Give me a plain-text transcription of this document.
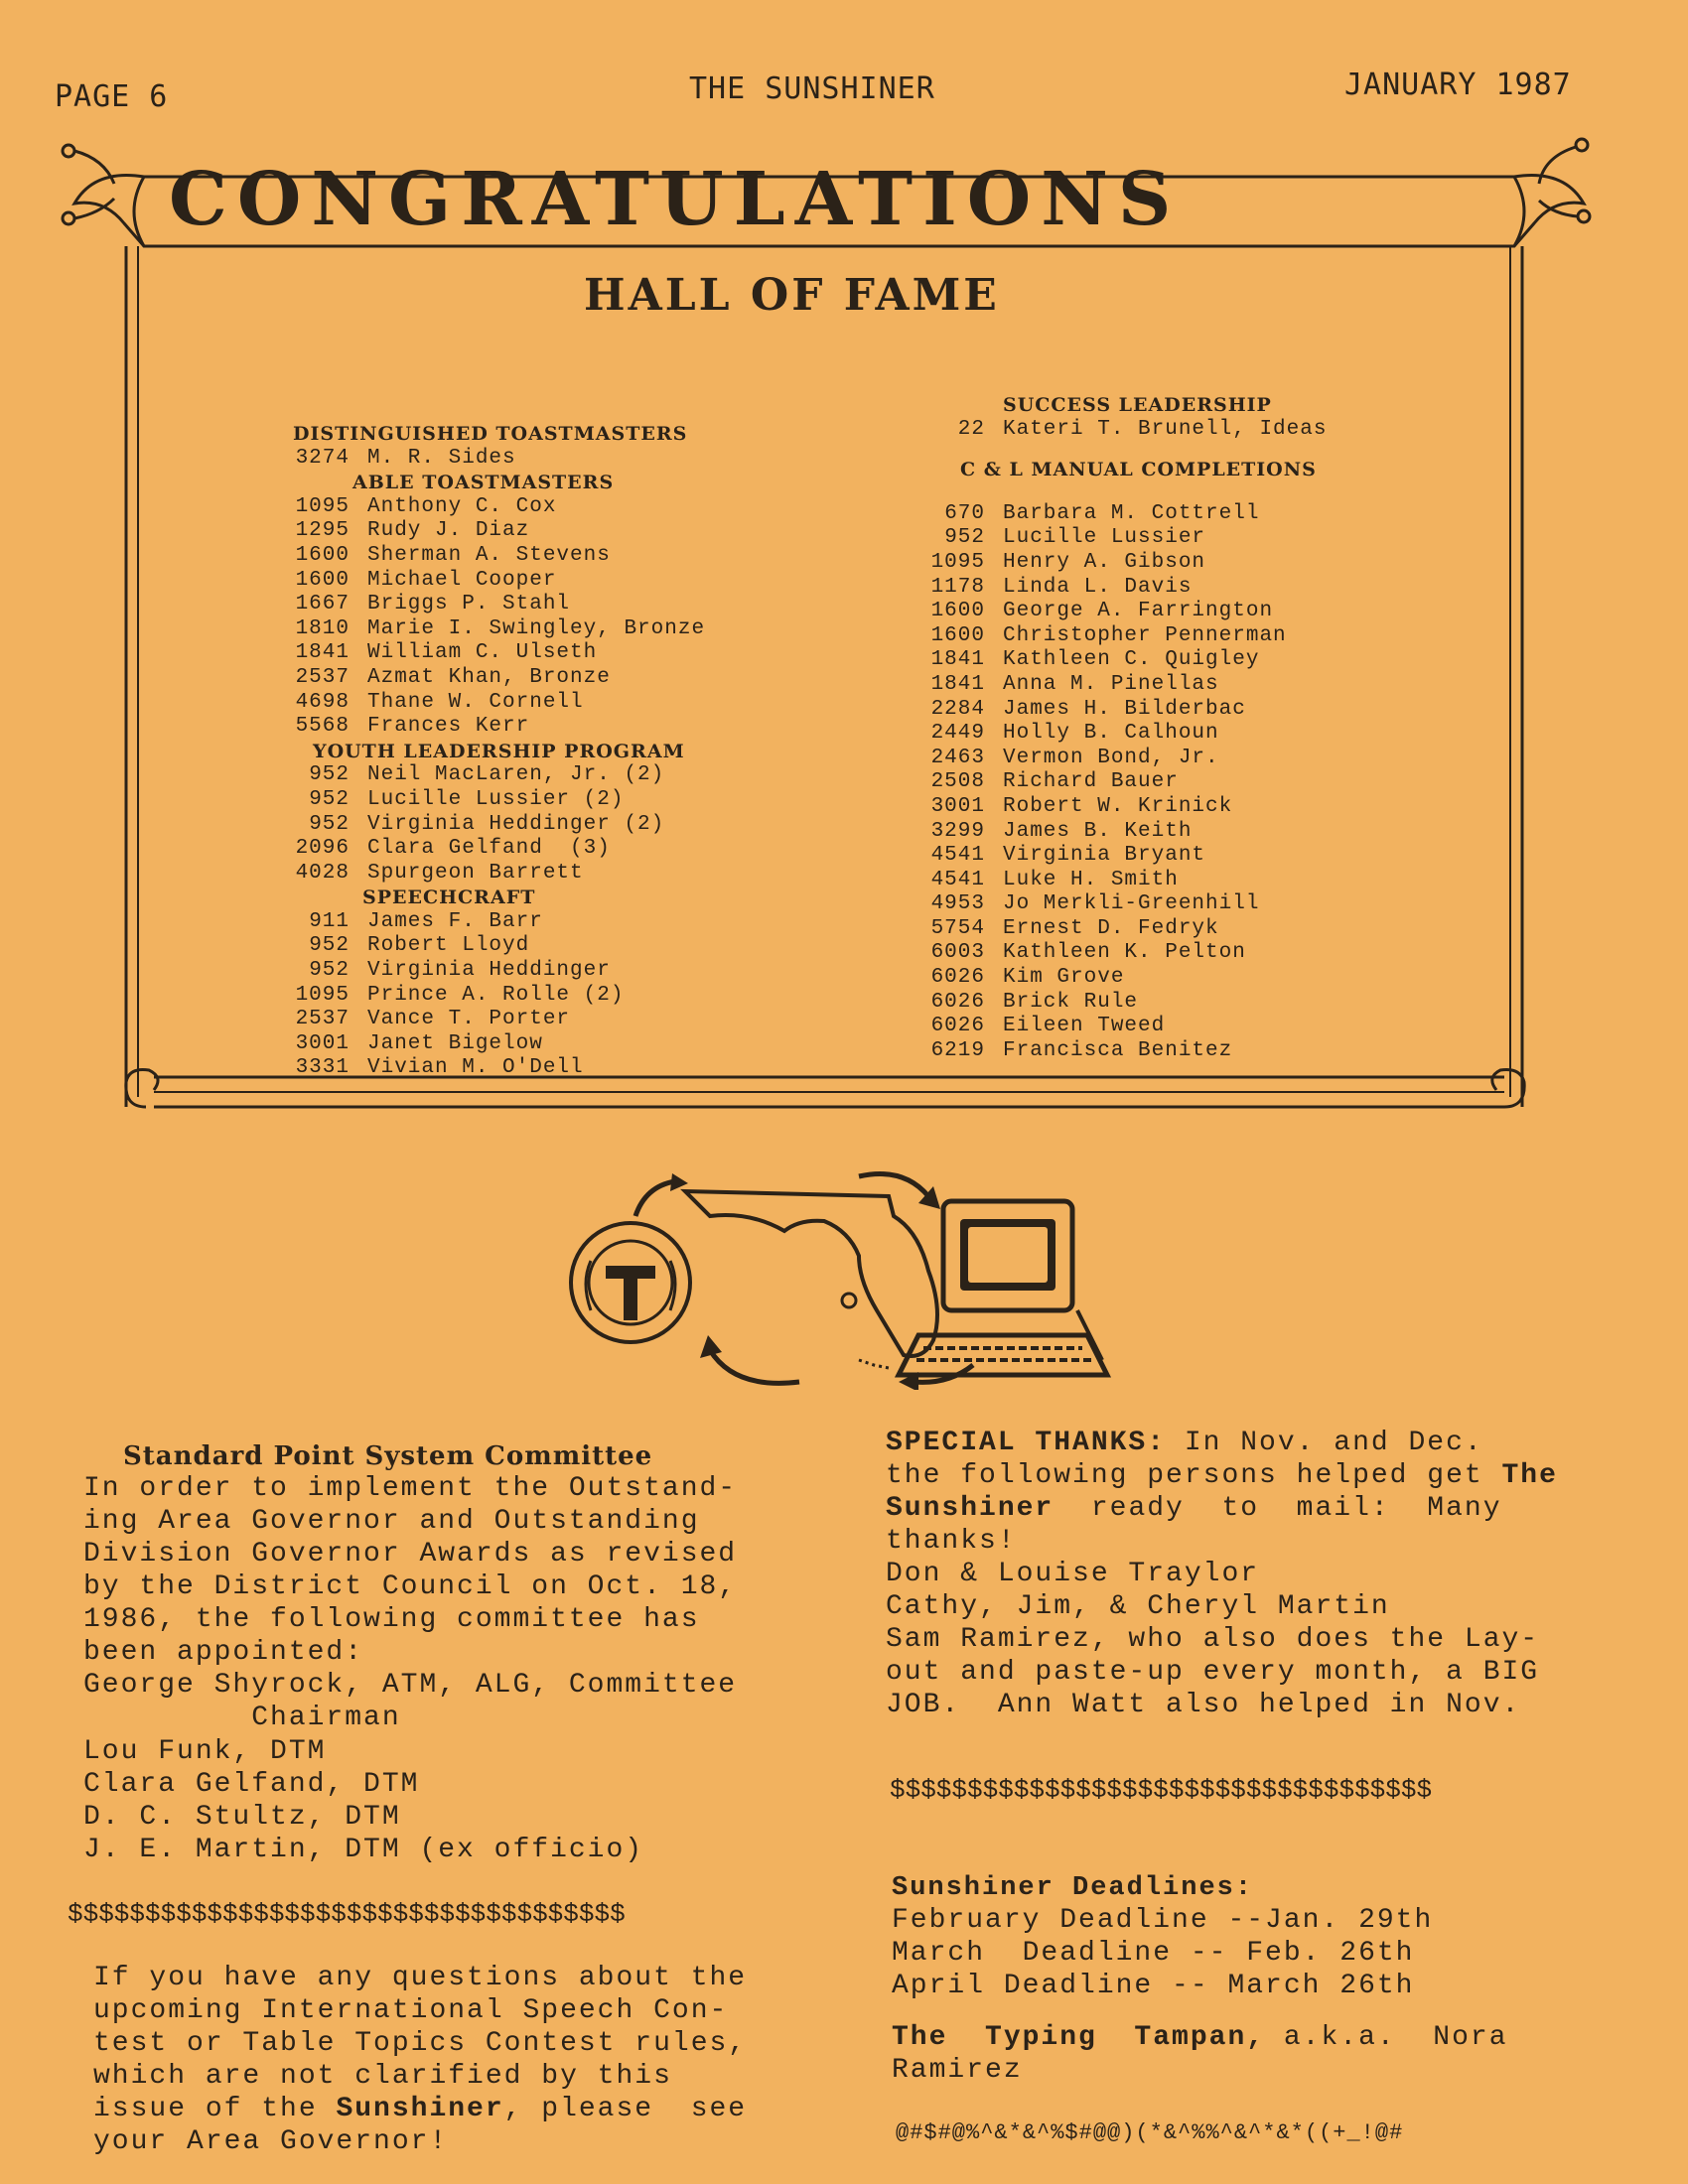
PAGE 6	THE SUNSHINER	JANUARY 1987
CONGRATULATIONS
HALL OF FAME
DISTINGUISHED TOASTMASTERS
3274 M. R. Sides
ABLE TOASTMASTERS
1095 Anthony C. Cox
1295 Rudy J. Diaz
1600 Sherman A. Stevens
1600 Michael Cooper
1667 Briggs P. Stahl
1810 Marie I. Swingley, Bronze
1841 William C. Ulseth
2537 Azmat Khan, Bronze
4698 Thane W. Cornell
5568 Frances Kerr
YOUTH LEADERSHIP PROGRAM
952 Neil MacLaren, Jr. (2)
952 Lucille Lussier (2)
952 Virginia Heddinger (2)
2096 Clara Gelfand  (3)
4028 Spurgeon Barrett
SPEECHCRAFT
911 James F. Barr
952 Robert Lloyd
952 Virginia Heddinger
1095 Prince A. Rolle (2)
2537 Vance T. Porter
3001 Janet Bigelow
3331 Vivian M. O'Dell
SUCCESS LEADERSHIP
22 Kateri T. Brunell, Ideas
C & L MANUAL COMPLETIONS
670 Barbara M. Cottrell
952 Lucille Lussier
1095 Henry A. Gibson
1178 Linda L. Davis
1600 George A. Farrington
1600 Christopher Pennerman
1841 Kathleen C. Quigley
1841 Anna M. Pinellas
2284 James H. Bilderbac
2449 Holly B. Calhoun
2463 Vermon Bond, Jr.
2508 Richard Bauer
3001 Robert W. Krinick
3299 James B. Keith
4541 Virginia Bryant
4541 Luke H. Smith
4953 Jo Merkli-Greenhill
5754 Ernest D. Fedryk
6003 Kathleen K. Pelton
6026 Kim Grove
6026 Brick Rule
6026 Eileen Tweed
6219 Francisca Benitez
Standard Point System Committee
In order to implement the Outstand-
ing Area Governor and Outstanding
Division Governor Awards as revised
by the District Council on Oct. 18,
1986, the following committee has
been appointed:
George Shyrock, ATM, ALG, Committee
Chairman
Lou Funk, DTM
Clara Gelfand, DTM
D. C. Stultz, DTM
J. E. Martin, DTM (ex officio)
$$$$$$$$$$$$$$$$$$$$$$$$$$$$$$$$$$$$
If you have any questions about the
upcoming International Speech Con-
test or Table Topics Contest rules,
which are not clarified by this
issue of the Sunshiner, please  see
your Area Governor!
SPECIAL THANKS: In Nov. and Dec.
the following persons helped get The
Sunshiner  ready  to  mail:  Many
thanks!
Don & Louise Traylor
Cathy, Jim, & Cheryl Martin
Sam Ramirez, who also does the Lay-
out and paste-up every month, a BIG
JOB.  Ann Watt also helped in Nov.
$$$$$$$$$$$$$$$$$$$$$$$$$$$$$$$$$$$
Sunshiner Deadlines:
February Deadline --Jan. 29th
March  Deadline -- Feb. 26th
April Deadline -- March 26th
The  Typing  Tampan, a.k.a.  Nora
Ramirez
@#$#@%^&*&^%$#@@)(*&^%%^&^*&*((+_!@#
